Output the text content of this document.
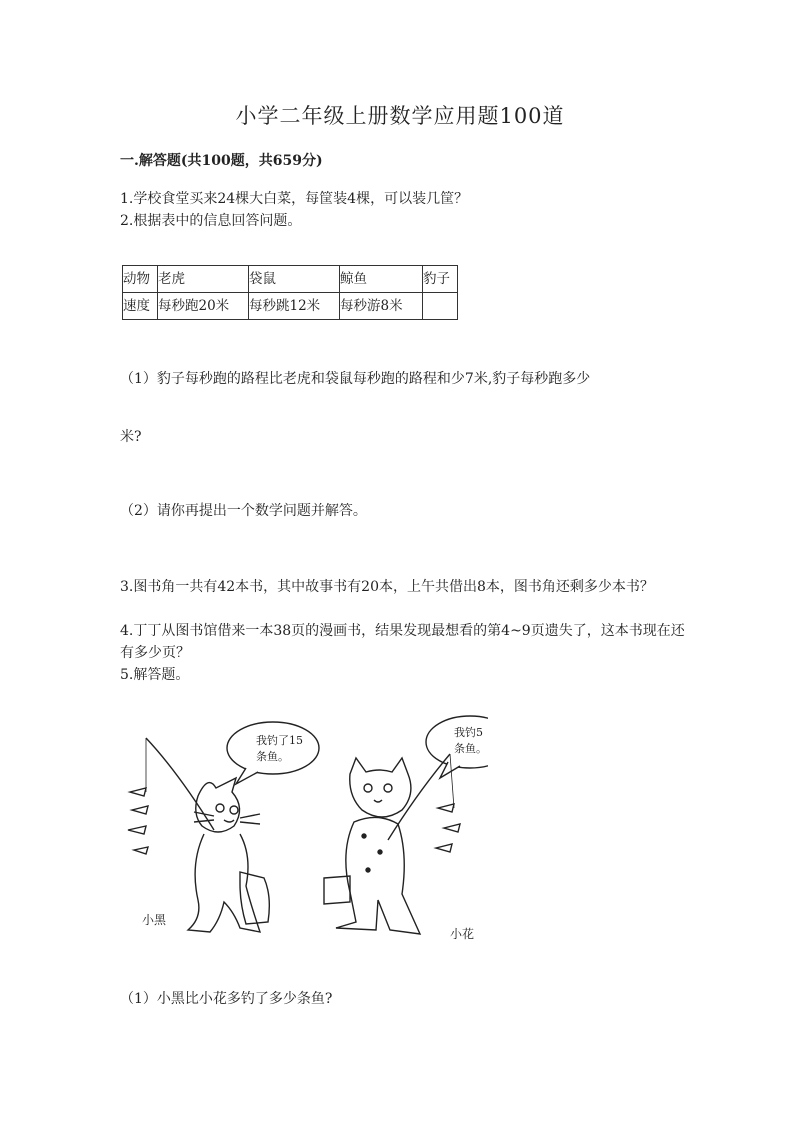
小学二年级上册数学应用题100道
一.解答题(共100题，共659分)
1.学校食堂买来24棵大白菜，每筐装4棵，可以装几筐？
2.根据表中的信息回答问题。
动物	老虎	袋鼠	鲸鱼	豹子
速度	每秒跑20米	每秒跳12米	每秒游8米	
（1）豹子每秒跑的路程比老虎和袋鼠每秒跑的路程和少7米,豹子每秒跑多少
米?
（2）请你再提出一个数学问题并解答。
3.图书角一共有42本书，其中故事书有20本，上午共借出8本，图书角还剩多少本书？
4.丁丁从图书馆借来一本38页的漫画书，结果发现最想看的第4~9页遗失了，这本书现在还有多少页？
5.解答题。
我钓了15
条鱼。
我钓5
条鱼。
小黑
小花
（1）小黑比小花多钓了多少条鱼?
